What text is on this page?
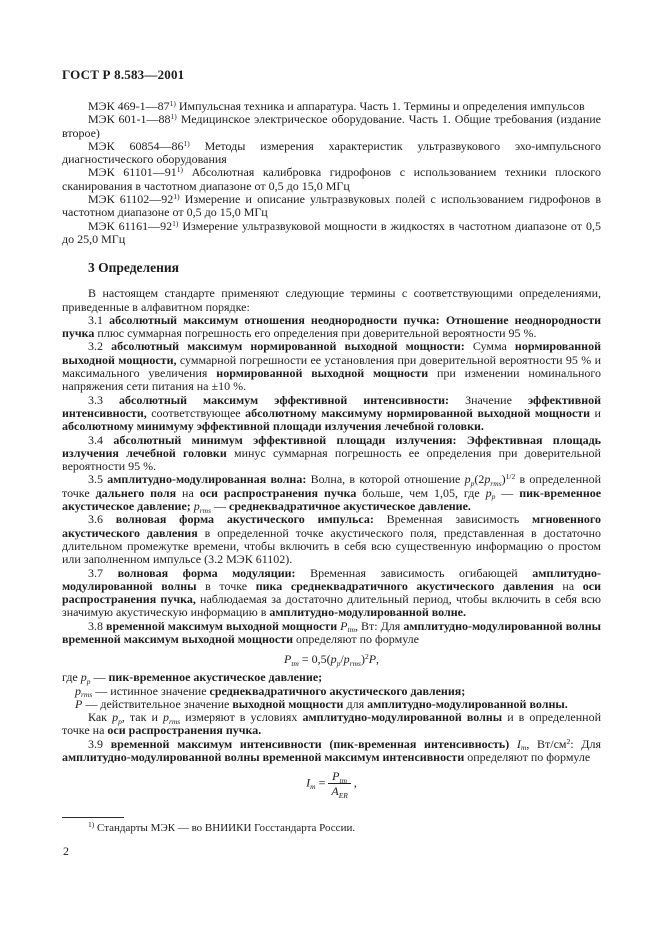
ГОСТ Р 8.583—2001

МЭК 469-1—87$^{1)}$ Импульсная техника и аппаратура. Часть 1. Термины и определения импульсов

МЭК 601-1—88$^{1)}$ Медицинское электрическое оборудование. Часть 1. Общие требования (издание второе)

МЭК 60854—86$^{1)}$ Методы измерения характеристик ультразвукового эхо-импульсного диагностического оборудования

МЭК 61101—91$^{1)}$ Абсолютная калибровка гидрофонов с использованием техники плоского сканирования в частотном диапазоне от 0,5 до 15,0 МГц

МЭК 61102—92$^{1)}$ Измерение и описание ультразвуковых полей с использованием гидрофонов в частотном диапазоне от 0,5 до 15,0 МГц

МЭК 61161—92$^{1)}$ Измерение ультразвуковой мощности в жидкостях в частотном диапазоне от 0,5 до 25,0 МГц

3 Определения

В настоящем стандарте применяют следующие термины с соответствующими определениями, приведенные в алфавитном порядке:

3.1 абсолютный максимум отношения неоднородности пучка: Отношение неоднородности пучка плюс суммарная погрешность его определения при доверительной вероятности 95 %.

3.2 абсолютный максимум нормированной выходной мощности: Сумма нормированной выходной мощности, суммарной погрешности ее установления при доверительной вероятности 95 % и максимального увеличения нормированной выходной мощности при изменении номинального напряжения сети питания на ±10 %.

3.3 абсолютный максимум эффективной интенсивности: Значение эффективной интенсивности, соответствующее абсолютному максимуму нормированной выходной мощности и абсолютному минимуму эффективной площади излучения лечебной головки.

3.4 абсолютный минимум эффективной площади излучения: Эффективная площадь излучения лечебной головки минус суммарная погрешность ее определения при доверительной вероятности 95 %.

3.5 амплитудно-модулированная волна: Волна, в которой отношение $p_p(2p_{rms})^{1/2}$ в определенной точке дальнего поля на оси распространения пучка больше, чем 1,05, где $p_p$ — пик-временное акустическое давление; $p_{rms}$ — среднеквадратичное акустическое давление.

3.6 волновая форма акустического импульса: Временная зависимость мгновенного акустического давления в определенной точке акустического поля, представленная в достаточно длительном промежутке времени, чтобы включить в себя всю существенную информацию о простом или заполненном импульсе (3.2 МЭК 61102).

3.7 волновая форма модуляции: Временная зависимость огибающей амплитудно-модулированной волны в точке пика среднеквадратичного акустического давления на оси распространения пучка, наблюдаемая за достаточно длительный период, чтобы включить в себя всю значимую акустическую информацию в амплитудно-модулированной волне.

3.8 временной максимум выходной мощности $P_{tm}$, Вт: Для амплитудно-модулированной волны временной максимум выходной мощности определяют по формуле

$P_{tm} = 0,5(p_p/p_{rms})^2P$,

где $p_p$ — пик-временное акустическое давление;

$p_{rms}$ — истинное значение среднеквадратичного акустического давления;

P — действительное значение выходной мощности для амплитудно-модулированной волны.

Как $p_p$, так и $p_{rms}$ измеряют в условиях амплитудно-модулированной волны и в определенной точке на оси распространения пучка.

3.9 временной максимум интенсивности (пик-временная интенсивность) $I_m$, $Вт/см^2$: Для амплитудно-модулированной волны временной максимум интенсивности определяют по формуле

$I_m = \frac{P_{tm}}{A_{ER}}$ ,
$^{1)}$ Стандарты МЭК — во ВНИИКИ Госстандарта России.
2
